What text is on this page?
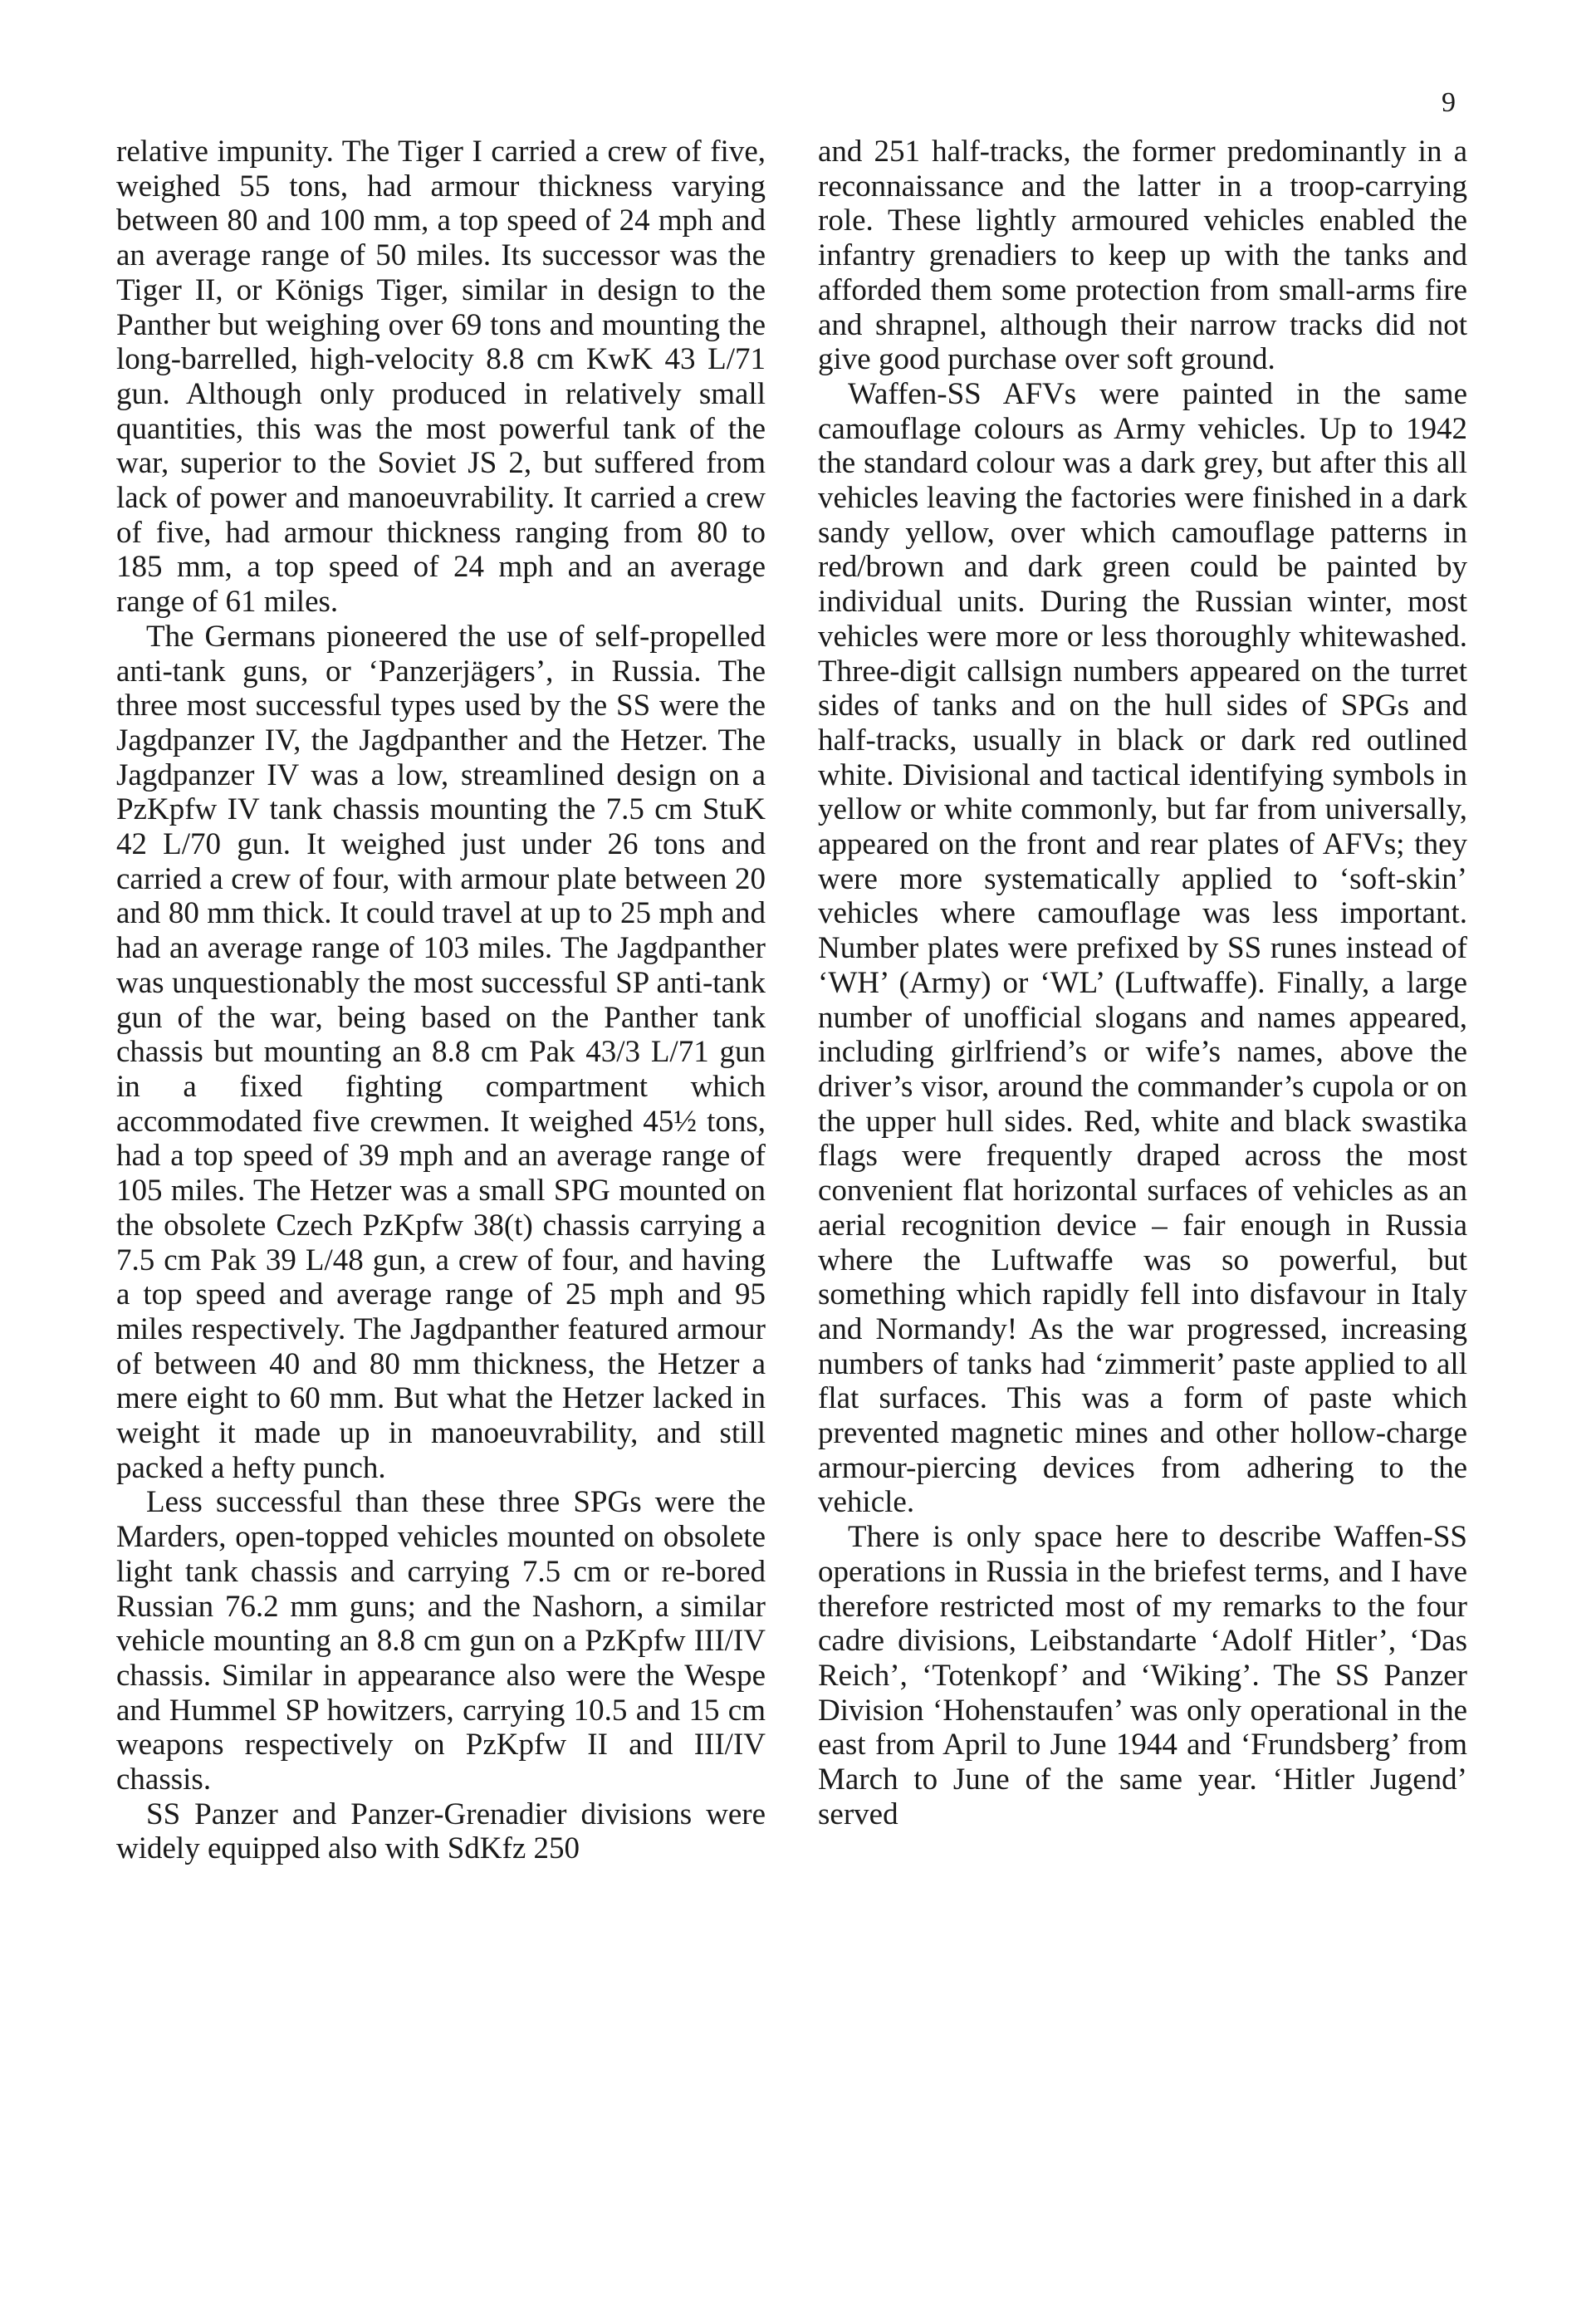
9

relative impunity. The Tiger I carried a crew of five, weighed 55 tons, had armour thickness varying between 80 and 100 mm, a top speed of 24 mph and an average range of 50 miles. Its successor was the Tiger II, or Königs Tiger, similar in design to the Panther but weighing over 69 tons and mounting the long-barrelled, high-velocity 8.8 cm KwK 43 L/71 gun. Although only produced in relatively small quantities, this was the most powerful tank of the war, superior to the Soviet JS 2, but suffered from lack of power and manoeuvrability. It carried a crew of five, had armour thickness ranging from 80 to 185 mm, a top speed of 24 mph and an average range of 61 miles.

The Germans pioneered the use of self-propelled anti-tank guns, or ‘Panzerjägers’, in Russia. The three most successful types used by the SS were the Jagdpanzer IV, the Jagdpanther and the Hetzer. The Jagdpanzer IV was a low, streamlined design on a PzKpfw IV tank chassis mounting the 7.5 cm StuK 42 L/70 gun. It weighed just under 26 tons and carried a crew of four, with armour plate between 20 and 80 mm thick. It could travel at up to 25 mph and had an average range of 103 miles. The Jagdpanther was unquestionably the most successful SP anti-tank gun of the war, being based on the Panther tank chassis but mounting an 8.8 cm Pak 43/3 L/71 gun in a fixed fighting compartment which accommodated five crewmen. It weighed 45½ tons, had a top speed of 39 mph and an average range of 105 miles. The Hetzer was a small SPG mounted on the obsolete Czech PzKpfw 38(t) chassis carrying a 7.5 cm Pak 39 L/48 gun, a crew of four, and having a top speed and average range of 25 mph and 95 miles respectively. The Jagdpanther featured armour of between 40 and 80 mm thickness, the Hetzer a mere eight to 60 mm. But what the Hetzer lacked in weight it made up in manoeuvrability, and still packed a hefty punch.

Less successful than these three SPGs were the Marders, open-topped vehicles mounted on obsolete light tank chassis and carrying 7.5 cm or re-bored Russian 76.2 mm guns; and the Nashorn, a similar vehicle mounting an 8.8 cm gun on a PzKpfw III/IV chassis. Similar in appearance also were the Wespe and Hummel SP howitzers, carrying 10.5 and 15 cm weapons respectively on PzKpfw II and III/IV chassis.

SS Panzer and Panzer-Grenadier divisions were widely equipped also with SdKfz 250

and 251 half-tracks, the former predominantly in a reconnaissance and the latter in a troop-carrying role. These lightly armoured vehicles enabled the infantry grenadiers to keep up with the tanks and afforded them some protection from small-arms fire and shrapnel, although their narrow tracks did not give good purchase over soft ground.

Waffen-SS AFVs were painted in the same camouflage colours as Army vehicles. Up to 1942 the standard colour was a dark grey, but after this all vehicles leaving the factories were finished in a dark sandy yellow, over which camouflage patterns in red/brown and dark green could be painted by individual units. During the Russian winter, most vehicles were more or less thoroughly whitewashed. Three-digit callsign numbers appeared on the turret sides of tanks and on the hull sides of SPGs and half-tracks, usually in black or dark red outlined white. Divisional and tactical identifying symbols in yellow or white commonly, but far from universally, appeared on the front and rear plates of AFVs; they were more systematically applied to ‘soft-skin’ vehicles where camouflage was less important. Number plates were prefixed by SS runes instead of ‘WH’ (Army) or ‘WL’ (Luftwaffe). Finally, a large number of unofficial slogans and names appeared, including girlfriend’s or wife’s names, above the driver’s visor, around the commander’s cupola or on the upper hull sides. Red, white and black swastika flags were frequently draped across the most convenient flat horizontal surfaces of vehicles as an aerial recognition device – fair enough in Russia where the Luftwaffe was so powerful, but something which rapidly fell into disfavour in Italy and Normandy! As the war progressed, increasing numbers of tanks had ‘zimmerit’ paste applied to all flat surfaces. This was a form of paste which prevented magnetic mines and other hollow-charge armour-piercing devices from adhering to the vehicle.

There is only space here to describe Waffen-SS operations in Russia in the briefest terms, and I have therefore restricted most of my remarks to the four cadre divisions, Leibstandarte ‘Adolf Hitler’, ‘Das Reich’, ‘Totenkopf’ and ‘Wiking’. The SS Panzer Division ‘Hohenstaufen’ was only operational in the east from April to June 1944 and ‘Frundsberg’ from March to June of the same year. ‘Hitler Jugend’ served
